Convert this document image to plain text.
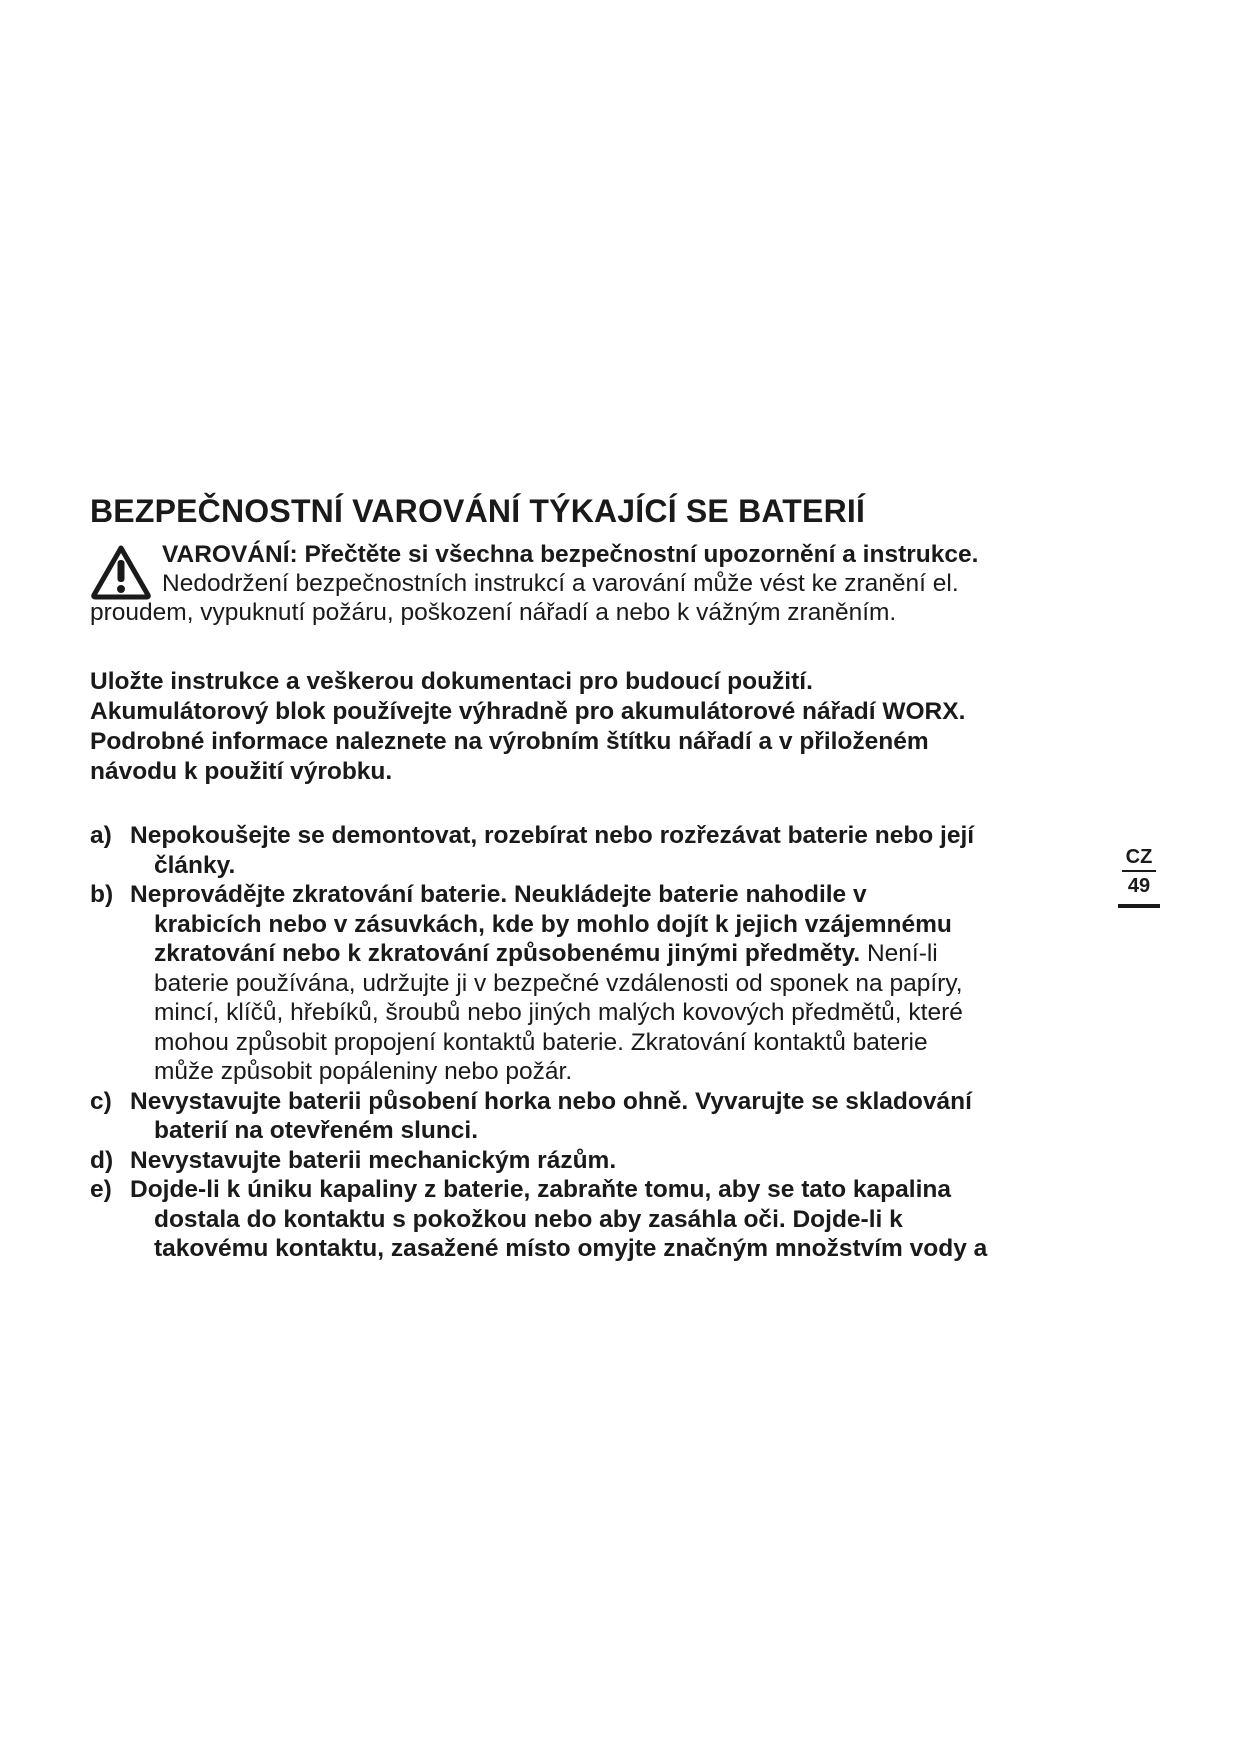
BEZPEČNOSTNÍ VAROVÁNÍ TÝKAJÍCÍ SE BATERIÍ
VAROVÁNÍ: Přečtěte si všechna bezpečnostní upozornění a instrukce.
Nedodržení bezpečnostních instrukcí a varování může vést ke zranění el.
proudem, vypuknutí požáru, poškození nářadí a nebo k vážným zraněním.
Uložte instrukce a veškerou dokumentaci pro budoucí použití.
Akumulátorový blok používejte výhradně pro akumulátorové nářadí WORX.
Podrobné informace naleznete na výrobním štítku nářadí a v přiloženém
návodu k použití výrobku.
a) Nepokoušejte se demontovat, rozebírat nebo rozřezávat baterie nebo její
články.
b) Neprovádějte zkratování baterie. Neukládejte baterie nahodile v
krabicích nebo v zásuvkách, kde by mohlo dojít k jejich vzájemnému
zkratování nebo k zkratování způsobenému jinými předměty. Není-li
baterie používána, udržujte ji v bezpečné vzdálenosti od sponek na papíry,
mincí, klíčů, hřebíků, šroubů nebo jiných malých kovových předmětů, které
mohou způsobit propojení kontaktů baterie. Zkratování kontaktů baterie
může způsobit popáleniny nebo požár.
c) Nevystavujte baterii působení horka nebo ohně. Vyvarujte se skladování
baterií na otevřeném slunci.
d) Nevystavujte baterii mechanickým rázům.
e) Dojde-li k úniku kapaliny z baterie, zabraňte tomu, aby se tato kapalina
dostala do kontaktu s pokožkou nebo aby zasáhla oči. Dojde-li k
takovému kontaktu, zasažené místo omyjte značným množstvím vody a
CZ
49
